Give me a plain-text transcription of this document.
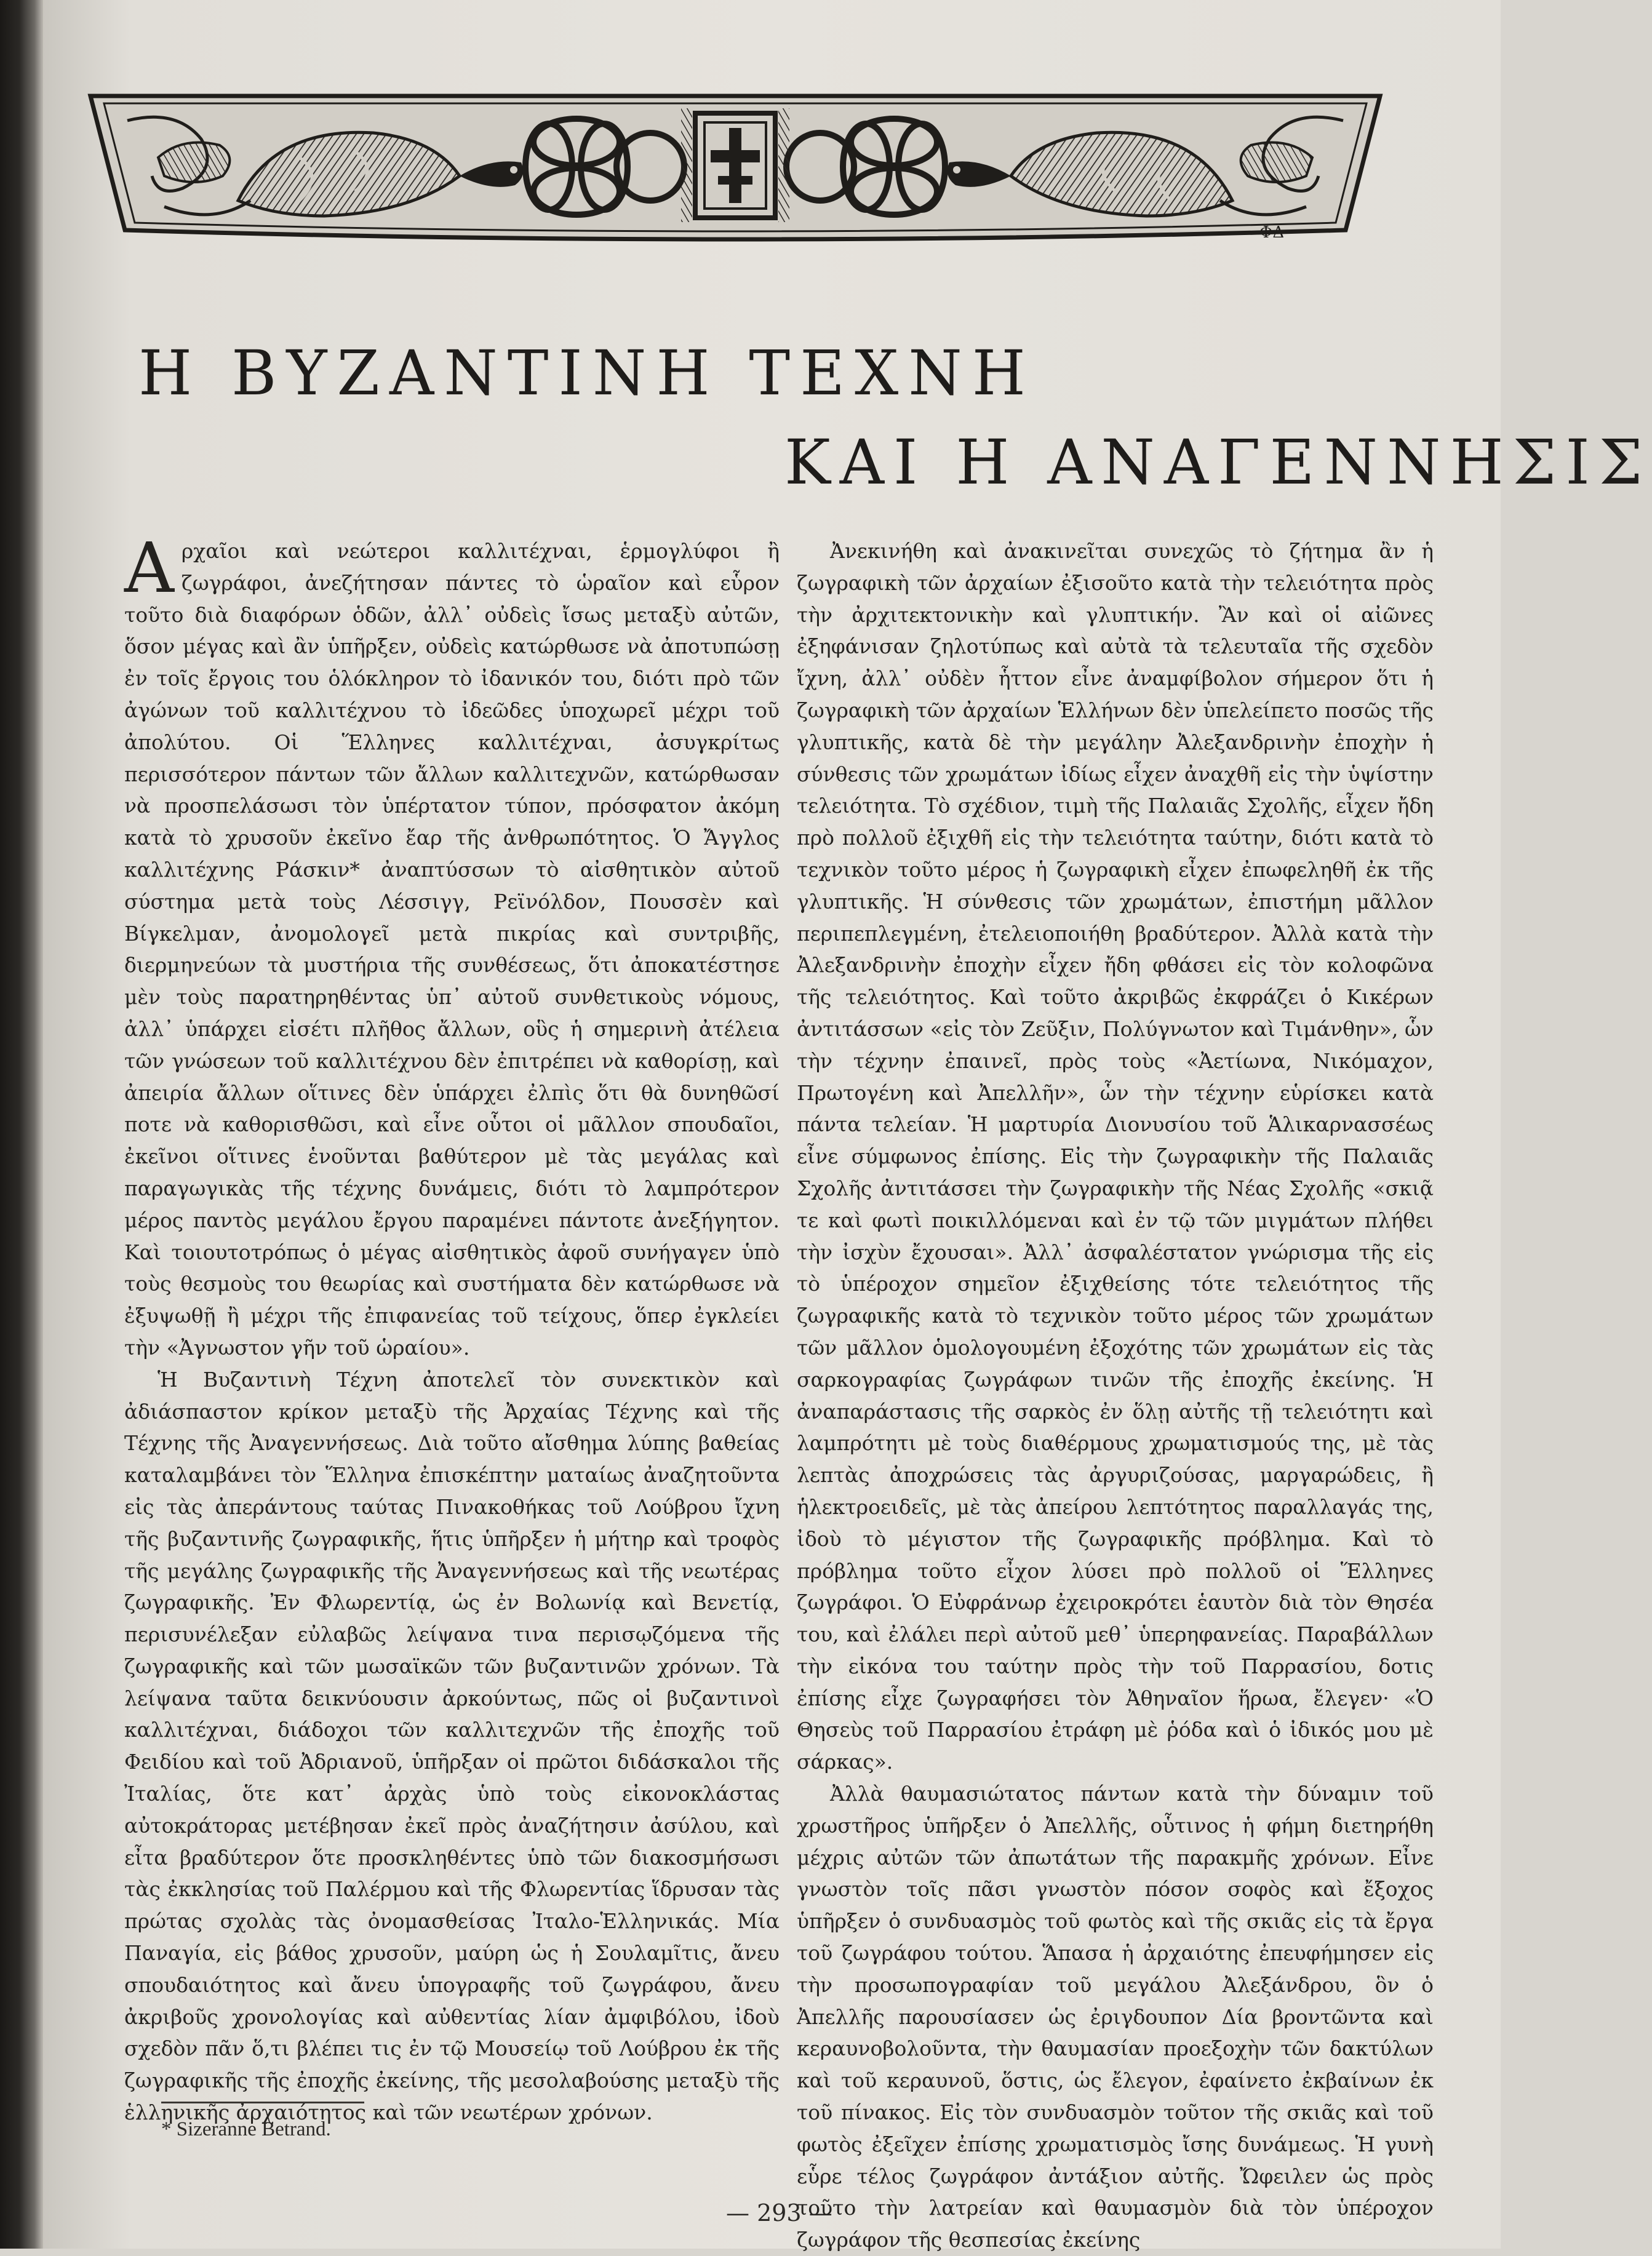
ΦΔ
Η ΒΥΖΑΝΤΙΝΗ ΤΕΧΝΗ
ΚΑΙ Η ΑΝΑΓΕΝΝΗΣΙΣ

Αρχαῖοι καὶ νεώτεροι καλλιτέχναι, ἑρμογλύφοι ἢ ζωγράφοι, ἀνεζήτησαν πάντες τὸ ὡραῖον καὶ εὗρον τοῦτο διὰ διαφόρων ὁδῶν, ἀλλ᾽ οὐδεὶς ἴσως μεταξὺ αὐτῶν, ὅσον μέγας καὶ ἂν ὑπῆρξεν, οὐδεὶς κατώρθωσε νὰ ἀποτυπώσῃ ἐν τοῖς ἔργοις του ὁλόκληρον τὸ ἰδανικόν του, διότι πρὸ τῶν ἀγώνων τοῦ καλλιτέχνου τὸ ἰδεῶδες ὑποχωρεῖ μέχρι τοῦ ἀπολύτου. Οἱ Ἕλληνες καλλιτέχναι, ἀσυγκρίτως περισσότερον πάντων τῶν ἄλλων καλλιτεχνῶν, κατώρθωσαν νὰ προσπελάσωσι τὸν ὑπέρτατον τύπον, πρόσφατον ἀκόμη κατὰ τὸ χρυσοῦν ἐκεῖνο ἔαρ τῆς ἀνθρωπότητος. Ὁ Ἄγγλος καλλιτέχνης Ράσκιν* ἀναπτύσσων τὸ αἰσθητικὸν αὐτοῦ σύστημα μετὰ τοὺς Λέσσιγγ, Ρεϊνόλδον, Πουσσὲν καὶ Βίγκελμαν, ἀνομολογεῖ μετὰ πικρίας καὶ συντριβῆς, διερμηνεύων τὰ μυστήρια τῆς συνθέσεως, ὅτι ἀποκατέστησε μὲν τοὺς παρατηρηθέντας ὑπ᾽ αὐτοῦ συνθετικοὺς νόμους, ἀλλ᾽ ὑπάρχει εἰσέτι πλῆθος ἄλλων, οὓς ἡ σημερινὴ ἀτέλεια τῶν γνώσεων τοῦ καλλιτέχνου δὲν ἐπιτρέπει νὰ καθορίσῃ, καὶ ἀπειρία ἄλλων οἵτινες δὲν ὑπάρχει ἐλπὶς ὅτι θὰ δυνηθῶσί ποτε νὰ καθορισθῶσι, καὶ εἶνε οὗτοι οἱ μᾶλλον σπουδαῖοι, ἐκεῖνοι οἵτινες ἑνοῦνται βαθύτερον μὲ τὰς μεγάλας καὶ παραγωγικὰς τῆς τέχνης δυνάμεις, διότι τὸ λαμπρότερον μέρος παντὸς μεγάλου ἔργου παραμένει πάντοτε ἀνεξήγητον. Καὶ τοιουτοτρόπως ὁ μέγας αἰσθητικὸς ἀφοῦ συνήγαγεν ὑπὸ τοὺς θεσμοὺς του θεωρίας καὶ συστήματα δὲν κατώρθωσε νὰ ἐξυψωθῇ ἢ μέχρι τῆς ἐπιφανείας τοῦ τείχους, ὅπερ ἐγκλείει τὴν «Ἀγνωστον γῆν τοῦ ὡραίου».

Ἡ Βυζαντινὴ Τέχνη ἀποτελεῖ τὸν συνεκτικὸν καὶ ἀδιάσπαστον κρίκον μεταξὺ τῆς Ἀρχαίας Τέχνης καὶ τῆς Τέχνης τῆς Ἀναγεννήσεως. Διὰ τοῦτο αἴσθημα λύπης βαθείας καταλαμβάνει τὸν Ἕλληνα ἐπισκέπτην ματαίως ἀναζητοῦντα εἰς τὰς ἀπεράντους ταύτας Πινακοθήκας τοῦ Λούβρου ἴχνη τῆς βυζαντινῆς ζωγραφικῆς, ἥτις ὑπῆρξεν ἡ μήτηρ καὶ τροφὸς τῆς μεγάλης ζωγραφικῆς τῆς Ἀναγεννήσεως καὶ τῆς νεωτέρας ζωγραφικῆς. Ἐν Φλωρεντίᾳ, ὡς ἐν Βολωνίᾳ καὶ Βενετίᾳ, περισυνέλεξαν εὐλαβῶς λείψανα τινα περισῳζόμενα τῆς ζωγραφικῆς καὶ τῶν μωσαϊκῶν τῶν βυζαντινῶν χρόνων. Τὰ λείψανα ταῦτα δεικνύουσιν ἀρκούντως, πῶς οἱ βυζαντινοὶ καλλιτέχναι, διάδοχοι τῶν καλλιτεχνῶν τῆς ἐποχῆς τοῦ Φειδίου καὶ τοῦ Ἀδριανοῦ, ὑπῆρξαν οἱ πρῶτοι διδάσκαλοι τῆς Ἰταλίας, ὅτε κατ᾽ ἀρχὰς ὑπὸ τοὺς εἰκονοκλάστας αὐτοκράτορας μετέβησαν ἐκεῖ πρὸς ἀναζήτησιν ἀσύλου, καὶ εἶτα βραδύτερον ὅτε προσκληθέντες ὑπὸ τῶν διακοσμήσωσι τὰς ἐκκλησίας τοῦ Παλέρμου καὶ τῆς Φλωρεντίας ἵδρυσαν τὰς πρώτας σχολὰς τὰς ὀνομασθείσας Ἰταλο-Ἑλληνικάς. Μία Παναγία, εἰς βάθος χρυσοῦν, μαύρη ὡς ἡ Σουλαμῖτις, ἄνευ σπουδαιότητος καὶ ἄνευ ὑπογραφῆς τοῦ ζωγράφου, ἄνευ ἀκριβοῦς χρονολογίας καὶ αὐθεντίας λίαν ἀμφιβόλου, ἰδοὺ σχεδὸν πᾶν ὅ,τι βλέπει τις ἐν τῷ Μουσείῳ τοῦ Λούβρου ἐκ τῆς ζωγραφικῆς τῆς ἐποχῆς ἐκείνης, τῆς μεσολαβούσης μεταξὺ τῆς ἑλληνικῆς ἀρχαιότητος καὶ τῶν νεωτέρων χρόνων.

Ἀνεκινήθη καὶ ἀνακινεῖται συνεχῶς τὸ ζήτημα ἂν ἡ ζωγραφικὴ τῶν ἀρχαίων ἐξισοῦτο κατὰ τὴν τελειότητα πρὸς τὴν ἀρχιτεκτονικὴν καὶ γλυπτικήν. Ἂν καὶ οἱ αἰῶνες ἐξηφάνισαν ζηλοτύπως καὶ αὐτὰ τὰ τελευταῖα τῆς σχεδὸν ἴχνη, ἀλλ᾽ οὐδὲν ἧττον εἶνε ἀναμφίβολον σήμερον ὅτι ἡ ζωγραφικὴ τῶν ἀρχαίων Ἑλλήνων δὲν ὑπελείπετο ποσῶς τῆς γλυπτικῆς, κατὰ δὲ τὴν μεγάλην Ἀλεξανδρινὴν ἐποχὴν ἡ σύνθεσις τῶν χρωμάτων ἰδίως εἶχεν ἀναχθῆ εἰς τὴν ὑψίστην τελειότητα. Τὸ σχέδιον, τιμὴ τῆς Παλαιᾶς Σχολῆς, εἶχεν ἤδη πρὸ πολλοῦ ἐξιχθῆ εἰς τὴν τελειότητα ταύτην, διότι κατὰ τὸ τεχνικὸν τοῦτο μέρος ἡ ζωγραφικὴ εἶχεν ἐπωφεληθῆ ἐκ τῆς γλυπτικῆς. Ἡ σύνθεσις τῶν χρωμάτων, ἐπιστήμη μᾶλλον περιπεπλεγμένη, ἐτελειοποιήθη βραδύτερον. Ἀλλὰ κατὰ τὴν Ἀλεξανδρινὴν ἐποχὴν εἶχεν ἤδη φθάσει εἰς τὸν κολοφῶνα τῆς τελειότητος. Καὶ τοῦτο ἀκριβῶς ἐκφράζει ὁ Κικέρων ἀντιτάσσων «εἰς τὸν Ζεῦξιν, Πολύγνωτον καὶ Τιμάνθην», ὧν τὴν τέχνην ἐπαινεῖ, πρὸς τοὺς «Ἀετίωνα, Νικόμαχον, Πρωτογένη καὶ Ἀπελλῆν», ὧν τὴν τέχνην εὑρίσκει κατὰ πάντα τελείαν. Ἡ μαρτυρία Διονυσίου τοῦ Ἁλικαρνασσέως εἶνε σύμφωνος ἐπίσης. Εἰς τὴν ζωγραφικὴν τῆς Παλαιᾶς Σχολῆς ἀντιτάσσει τὴν ζωγραφικὴν τῆς Νέας Σχολῆς «σκιᾷ τε καὶ φωτὶ ποικιλλόμεναι καὶ ἐν τῷ τῶν μιγμάτων πλήθει τὴν ἰσχὺν ἔχουσαι». Ἀλλ᾽ ἀσφαλέστατον γνώρισμα τῆς εἰς τὸ ὑπέροχον σημεῖον ἐξιχθείσης τότε τελειότητος τῆς ζωγραφικῆς κατὰ τὸ τεχνικὸν τοῦτο μέρος τῶν χρωμάτων τῶν μᾶλλον ὁμολογουμένη ἐξοχότης τῶν χρωμάτων εἰς τὰς σαρκογραφίας ζωγράφων τινῶν τῆς ἐποχῆς ἐκείνης. Ἡ ἀναπαράστασις τῆς σαρκὸς ἐν ὅλῃ αὐτῆς τῇ τελειότητι καὶ λαμπρότητι μὲ τοὺς διαθέρμους χρωματισμούς της, μὲ τὰς λεπτὰς ἀποχρώσεις τὰς ἀργυριζούσας, μαργαρώδεις, ἢ ἡλεκτροειδεῖς, μὲ τὰς ἀπείρου λεπτότητος παραλλαγάς της, ἰδοὺ τὸ μέγιστον τῆς ζωγραφικῆς πρόβλημα. Καὶ τὸ πρόβλημα τοῦτο εἶχον λύσει πρὸ πολλοῦ οἱ Ἕλληνες ζωγράφοι. Ὁ Εὐφράνωρ ἐχειροκρότει ἑαυτὸν διὰ τὸν Θησέα του, καὶ ἐλάλει περὶ αὐτοῦ μεθ᾽ ὑπερηφανείας. Παραβάλλων τὴν εἰκόνα του ταύτην πρὸς τὴν τοῦ Παρρασίου, δοτις ἐπίσης εἶχε ζωγραφήσει τὸν Ἀθηναῖον ἥρωα, ἔλεγεν· «Ὁ Θησεὺς τοῦ Παρρασίου ἐτράφη μὲ ῥόδα καὶ ὁ ἰδικός μου μὲ σάρκας».

Ἀλλὰ θαυμασιώτατος πάντων κατὰ τὴν δύναμιν τοῦ χρωστῆρος ὑπῆρξεν ὁ Ἀπελλῆς, οὗτινος ἡ φήμη διετηρήθη μέχρις αὐτῶν τῶν ἀπωτάτων τῆς παρακμῆς χρόνων. Εἶνε γνωστὸν τοῖς πᾶσι γνωστὸν πόσον σοφὸς καὶ ἔξοχος ὑπῆρξεν ὁ συνδυασμὸς τοῦ φωτὸς καὶ τῆς σκιᾶς εἰς τὰ ἔργα τοῦ ζωγράφου τούτου. Ἅπασα ἡ ἀρχαιότης ἐπευφήμησεν εἰς τὴν προσωπογραφίαν τοῦ μεγάλου Ἀλεξάνδρου, ὃν ὁ Ἀπελλῆς παρουσίασεν ὡς ἐριγδουπον Δία βροντῶντα καὶ κεραυνοβολοῦντα, τὴν θαυμασίαν προεξοχὴν τῶν δακτύλων καὶ τοῦ κεραυνοῦ, ὅστις, ὡς ἔλεγον, ἐφαίνετο ἐκβαίνων ἐκ τοῦ πίνακος. Εἰς τὸν συνδυασμὸν τοῦτον τῆς σκιᾶς καὶ τοῦ φωτὸς ἐξεῖχεν ἐπίσης χρωματισμὸς ἴσης δυνάμεως. Ἡ γυνὴ εὗρε τέλος ζωγράφον ἀντάξιον αὐτῆς. Ὤφειλεν ὡς πρὸς τοῦτο τὴν λατρείαν καὶ θαυμασμὸν διὰ τὸν ὑπέροχον ζωγράφον τῆς θεσπεσίας ἐκείνης

* Sizeranne Betrand.

— 293 —
